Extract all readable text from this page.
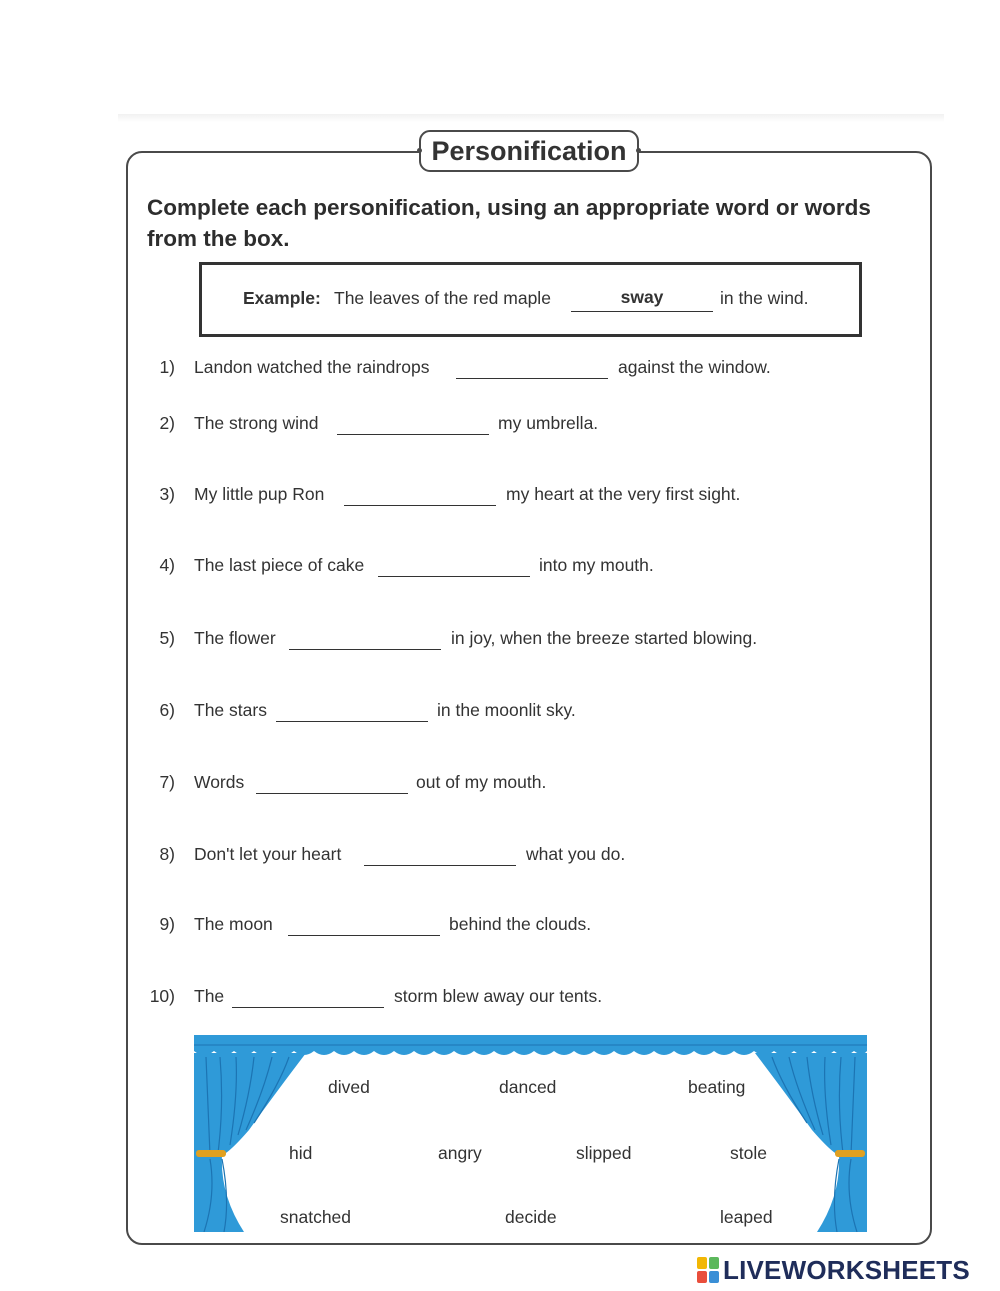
Personification
Complete each personification, using an appropriate word or words from the box.
Example: The leaves of the red maple	sway	in the wind.
1) Landon watched the raindrops	against the window.
2) The strong wind	my umbrella.
3) My little pup Ron	my heart at the very first sight.
4) The last piece of cake	into my mouth.
5) The flower	in joy, when the breeze started blowing.
6) The stars	in the moonlit sky.
7) Words	out of my mouth.
8) Don't let your heart	what you do.
9) The moon	behind the clouds.
10) The	storm blew away our tents.
dived	danced	beating
hid	angry	slipped	stole
snatched	decide	leaped
LIVEWORKSHEETS
